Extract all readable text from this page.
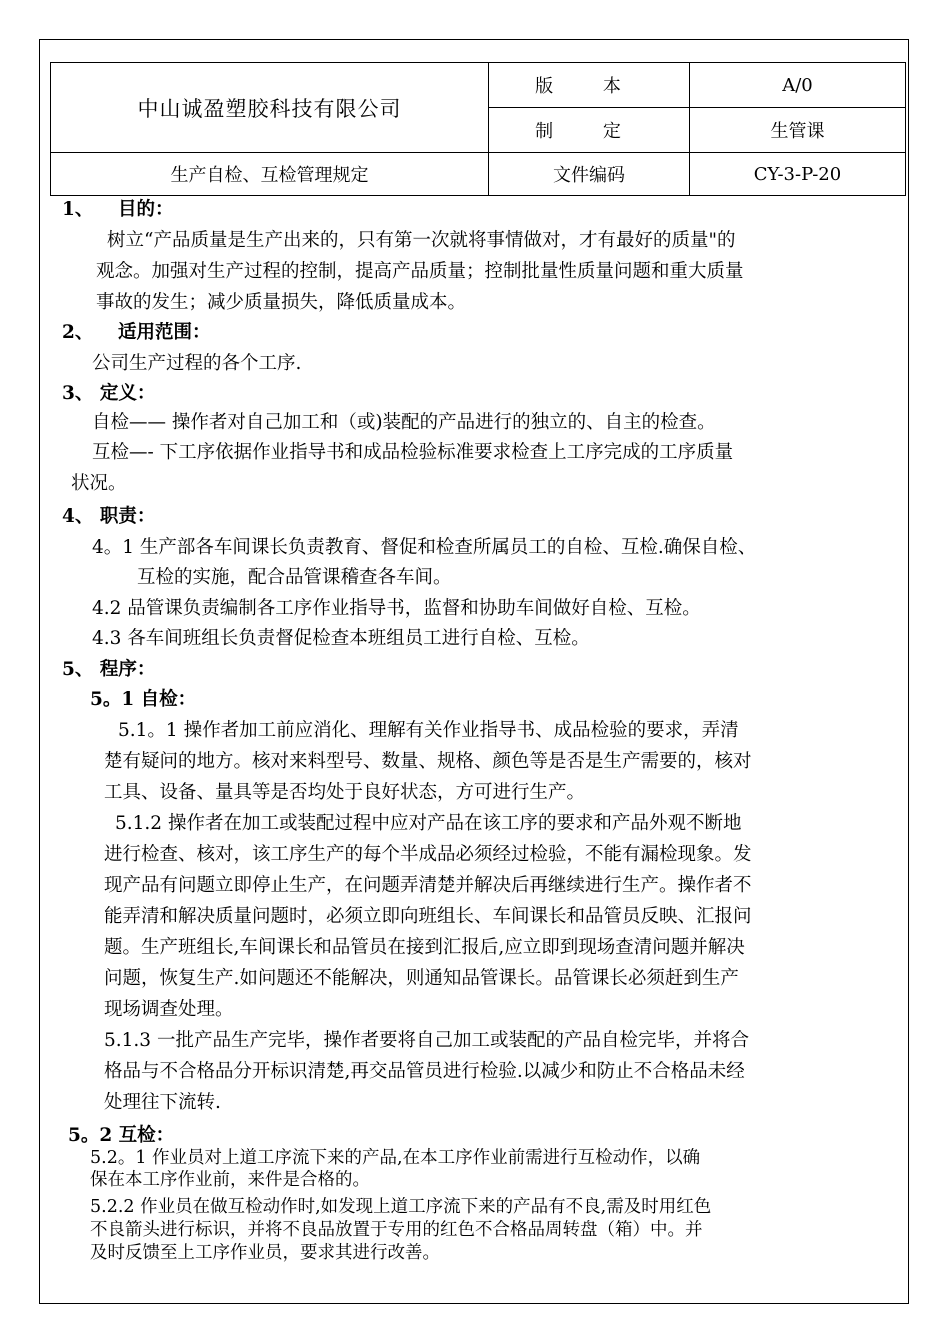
中山诚盈塑胶科技有限公司	版 本	A/0
	制 定	生管课
生产自检、互检管理规定	文件编码	CY-3-P-20
1、 目的：
树立“产品质量是生产出来的，只有第一次就将事情做对，才有最好的质量"的
观念。加强对生产过程的控制，提高产品质量；控制批量性质量问题和重大质量
事故的发生；减少质量损失，降低质量成本。
2、 适用范围：
公司生产过程的各个工序.
3、 定义：
自检—— 操作者对自己加工和（或)装配的产品进行的独立的、自主的检查。
互检—- 下工序依据作业指导书和成品检验标准要求检查上工序完成的工序质量
状况。
4、 职责：
4。1 生产部各车间课长负责教育、督促和检查所属员工的自检、互检.确保自检、
互检的实施，配合品管课稽查各车间。
4.2 品管课负责编制各工序作业指导书，监督和协助车间做好自检、互检。
4.3 各车间班组长负责督促检查本班组员工进行自检、互检。
5、 程序：
5。1 自检：
5.1。1 操作者加工前应消化、理解有关作业指导书、成品检验的要求，弄清
楚有疑问的地方。核对来料型号、数量、规格、颜色等是否是生产需要的，核对
工具、设备、量具等是否均处于良好状态，方可进行生产。
5.1.2 操作者在加工或装配过程中应对产品在该工序的要求和产品外观不断地
进行检查、核对，该工序生产的每个半成品必须经过检验，不能有漏检现象。发
现产品有问题立即停止生产，在问题弄清楚并解决后再继续进行生产。操作者不
能弄清和解决质量问题时，必须立即向班组长、车间课长和品管员反映、汇报问
题。生产班组长,车间课长和品管员在接到汇报后,应立即到现场查清问题并解决
问题，恢复生产.如问题还不能解决，则通知品管课长。品管课长必须赶到生产
现场调查处理。
5.1.3 一批产品生产完毕，操作者要将自己加工或装配的产品自检完毕，并将合
格品与不合格品分开标识清楚,再交品管员进行检验.以减少和防止不合格品未经
处理往下流转.
5。2 互检：
5.2。1 作业员对上道工序流下来的产品,在本工序作业前需进行互检动作，以确
保在本工序作业前，来件是合格的。
5.2.2 作业员在做互检动作时,如发现上道工序流下来的产品有不良,需及时用红色
不良箭头进行标识，并将不良品放置于专用的红色不合格品周转盘（箱）中。并
及时反馈至上工序作业员，要求其进行改善。
